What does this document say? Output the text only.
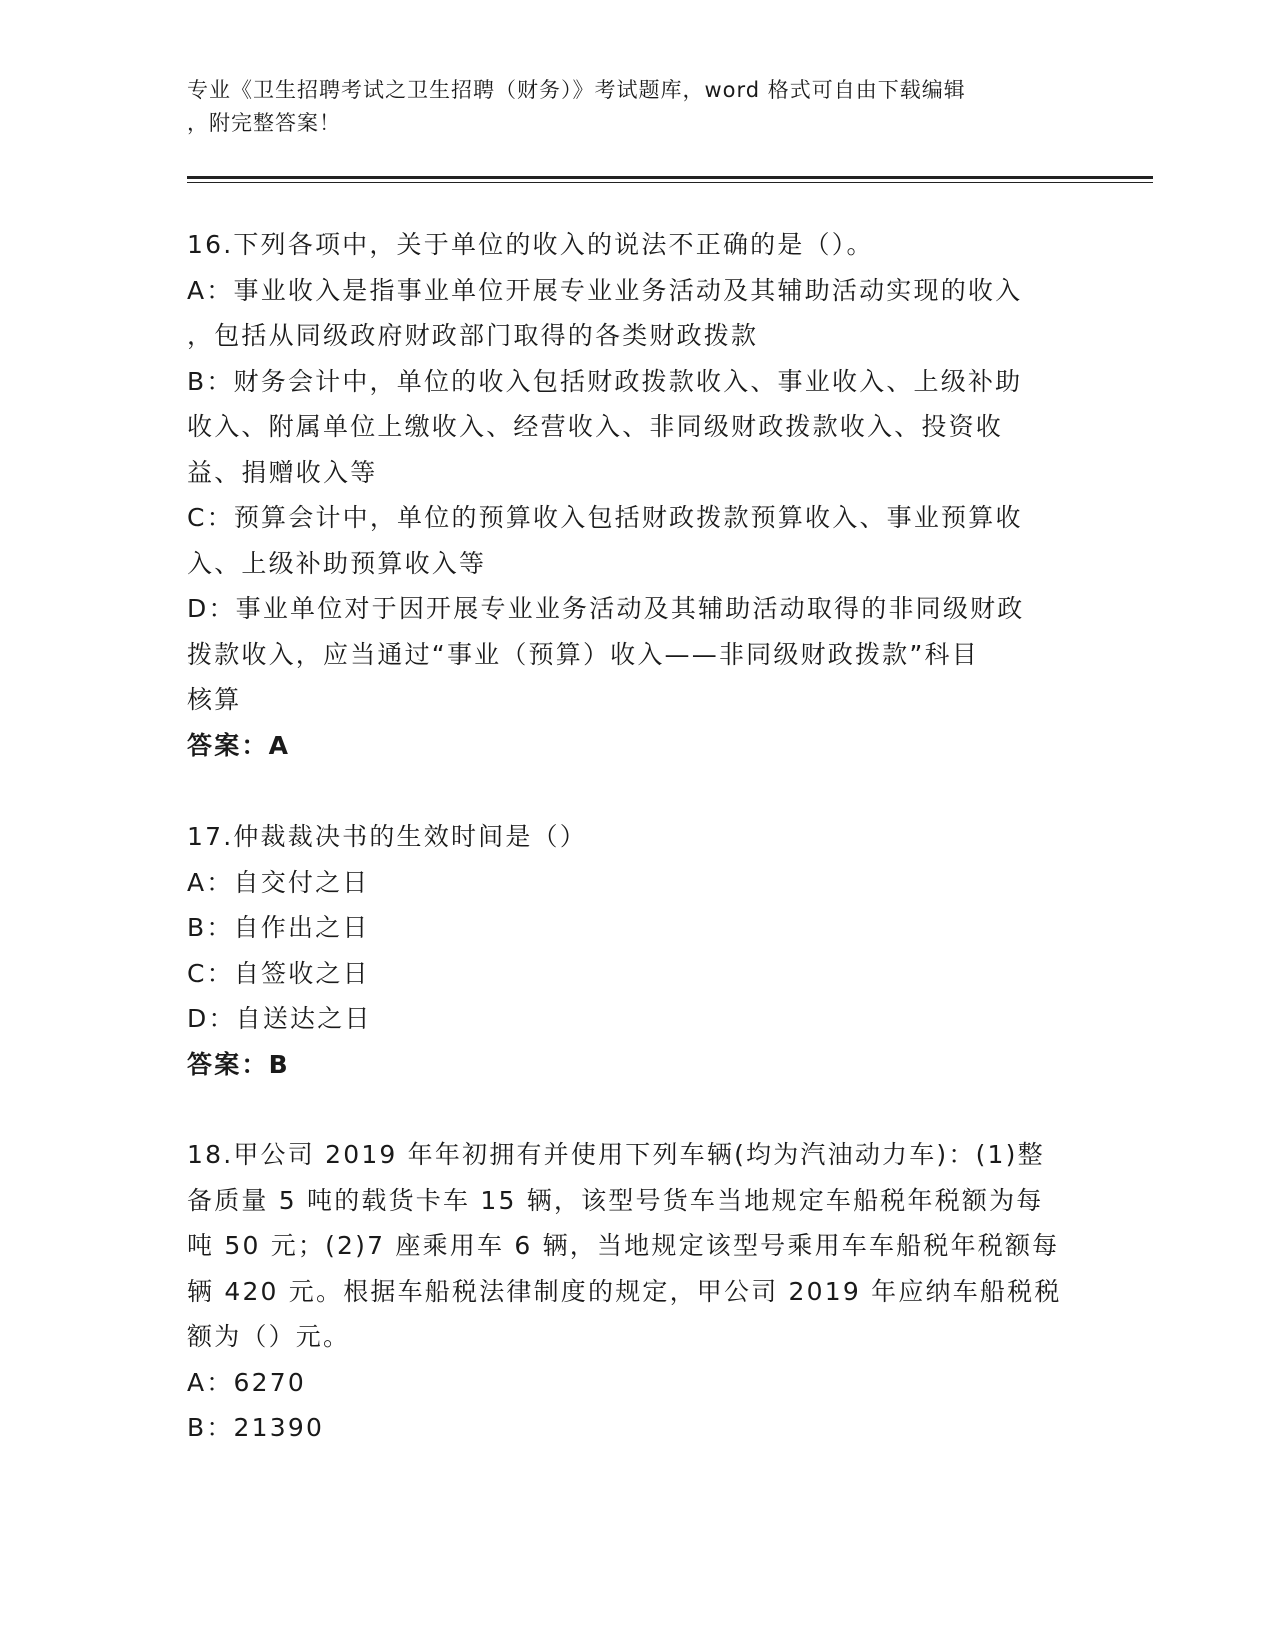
专业《卫生招聘考试之卫生招聘（财务）》考试题库，word 格式可自由下载编辑
，附完整答案！
16.下列各项中，关于单位的收入的说法不正确的是（）。
A：事业收入是指事业单位开展专业业务活动及其辅助活动实现的收入
，包括从同级政府财政部门取得的各类财政拨款
B：财务会计中，单位的收入包括财政拨款收入、事业收入、上级补助
收入、附属单位上缴收入、经营收入、非同级财政拨款收入、投资收
益、捐赠收入等
C：预算会计中，单位的预算收入包括财政拨款预算收入、事业预算收
入、上级补助预算收入等
D：事业单位对于因开展专业业务活动及其辅助活动取得的非同级财政
拨款收入，应当通过“事业（预算）收入——非同级财政拨款”科目
核算
答案：A
17.仲裁裁决书的生效时间是（）
A：自交付之日
B：自作出之日
C：自签收之日
D：自送达之日
答案：B
18.甲公司 2019 年年初拥有并使用下列车辆(均为汽油动力车)：(1)整
备质量 5 吨的载货卡车 15 辆，该型号货车当地规定车船税年税额为每
吨 50 元；(2)7 座乘用车 6 辆，当地规定该型号乘用车车船税年税额每
辆 420 元。根据车船税法律制度的规定，甲公司 2019 年应纳车船税税
额为（）元。
A：6270
B：21390
